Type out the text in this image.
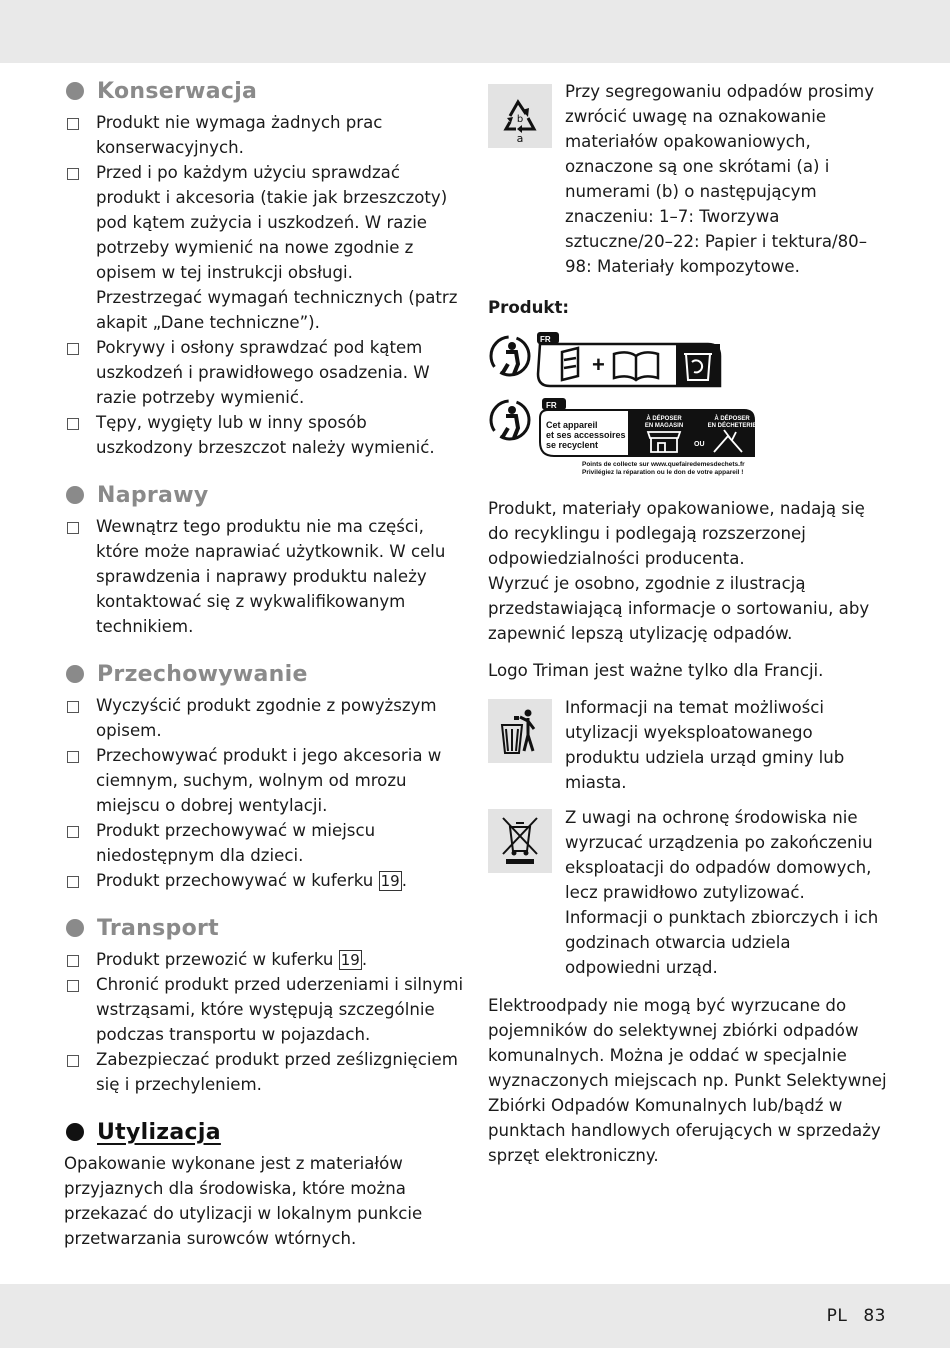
Konserwacja
Produkt nie wymaga żadnych prac konserwacyjnych.
Przed i po każdym użyciu sprawdzać produkt i akcesoria (takie jak brzeszczoty) pod kątem zużycia i uszkodzeń. W razie potrzeby wymienić na nowe zgodnie z opisem w tej instrukcji obsługi.
Przestrzegać wymagań technicznych (patrz akapit „Dane techniczne”).
Pokrywy i osłony sprawdzać pod kątem uszkodzeń i prawidłowego osadzenia. W razie potrzeby wymienić.
Tępy, wygięty lub w inny sposób uszkodzony brzeszczot należy wymienić.
Naprawy
Wewnątrz tego produktu nie ma części, które może naprawiać użytkownik. W celu sprawdzenia i naprawy produktu należy kontaktować się z wykwalifikowanym technikiem.
Przechowywanie
Wyczyścić produkt zgodnie z powyższym opisem.
Przechowywać produkt i jego akcesoria w ciemnym, suchym, wolnym od mrozu miejscu o dobrej wentylacji.
Produkt przechowywać w miejscu niedostępnym dla dzieci.
Produkt przechowywać w kuferku 19 .
Transport
Produkt przewozić w kuferku 19 .
Chronić produkt przed uderzeniami i silnymi wstrząsami, które występują szczególnie podczas transportu w pojazdach.
Zabezpieczać produkt przed ześlizgnięciem się i przechyleniem.
Utylizacja

Opakowanie wykonane jest z materiałów przyjaznych dla środowiska, które można przekazać do utylizacji w lokalnym punkcie przetwarzania surowców wtórnych.

b
a

Przy segregowaniu odpadów prosimy zwrócić uwagę na oznakowanie materiałów opakowaniowych, oznaczone są one skrótami (a) i numerami (b) o następującym znaczeniu: 1–7: Tworzywa sztuczne/20–22: Papier i tektura/80–98: Materiały kompozytowe.

Produkt:

FR
+
FR
Cet appareil
et ses accessoires
se recyclent
À DÉPOSER
EN MAGASIN
OU
À DÉPOSER
EN DÉCHETERIE
Points de collecte sur www.quefairedemesdechets.fr
Privilégiez la réparation ou le don de votre appareil !

Produkt, materiały opakowaniowe, nadają się do recyklingu i podlegają rozszerzonej odpowiedzialności producenta.

Wyrzuć je osobno, zgodnie z ilustracją przedstawiającą informacje o sortowaniu, aby zapewnić lepszą utylizację odpadów.

Logo Triman jest ważne tylko dla Francji.

Informacji na temat możliwości utylizacji wyeksploatowanego produktu udziela urząd gminy lub miasta.

Z uwagi na ochronę środowiska nie wyrzucać urządzenia po zakończeniu eksploatacji do odpadów domowych, lecz prawidłowo zutylizować. Informacji o punktach zbiorczych i ich godzinach otwarcia udziela odpowiedni urząd.

Elektroodpady nie mogą być wyrzucane do pojemników do selektywnej zbiórki odpadów komunalnych. Można je oddać w specjalnie wyznaczonych miejscach np. Punkt Selektywnej Zbiórki Odpadów Komunalnych lub/bądź w punktach handlowych oferujących w sprzedaży sprzęt elektroniczny.

PL 83
